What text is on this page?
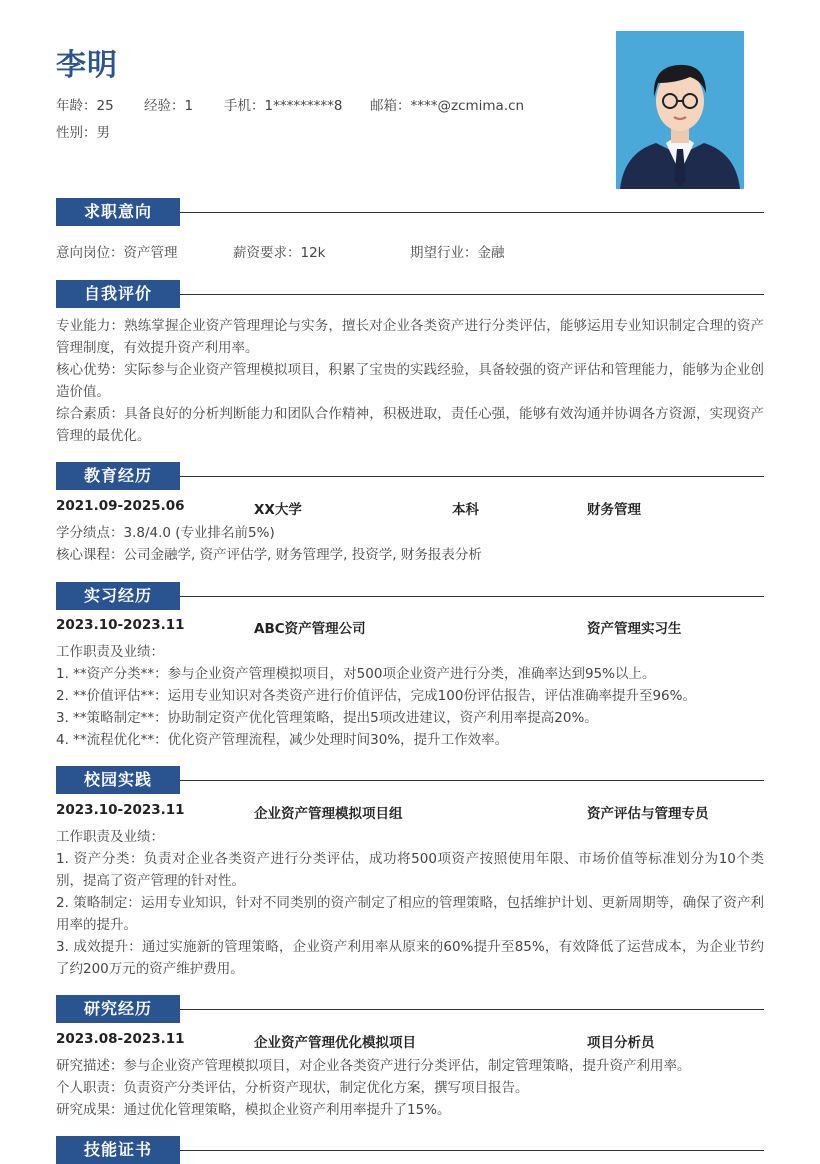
李明
年龄：25 经验：1 手机：1*********8 邮箱：****@zcmima.cn
性别：男
求职意向
意向岗位：资产管理	薪资要求：12k	期望行业：金融
自我评价

专业能力：熟练掌握企业资产管理理论与实务，擅长对企业各类资产进行分类评估，能够运用专业知识制定合理的资产管理制度，有效提升资产利用率。

核心优势：实际参与企业资产管理模拟项目，积累了宝贵的实践经验，具备较强的资产评估和管理能力，能够为企业创造价值。

综合素质：具备良好的分析判断能力和团队合作精神，积极进取，责任心强，能够有效沟通并协调各方资源，实现资产管理的最优化。

教育经历
2021.09-2025.06	XX大学	本科	财务管理

学分绩点：3.8/4.0 (专业排名前5%)

核心课程：公司金融学, 资产评估学, 财务管理学, 投资学, 财务报表分析

实习经历
2023.10-2023.11	ABC资产管理公司	资产管理实习生

工作职责及业绩：

1. **资产分类**：参与企业资产管理模拟项目，对500项企业资产进行分类，准确率达到95%以上。

2. **价值评估**：运用专业知识对各类资产进行价值评估，完成100份评估报告，评估准确率提升至96%。

3. **策略制定**：协助制定资产优化管理策略，提出5项改进建议，资产利用率提高20%。

4. **流程优化**：优化资产管理流程，减少处理时间30%，提升工作效率。

校园实践
2023.10-2023.11	企业资产管理模拟项目组	资产评估与管理专员

工作职责及业绩：

1. 资产分类：负责对企业各类资产进行分类评估，成功将500项资产按照使用年限、市场价值等标准划分为10个类别，提高了资产管理的针对性。

2. 策略制定：运用专业知识，针对不同类别的资产制定了相应的管理策略，包括维护计划、更新周期等，确保了资产利用率的提升。

3. 成效提升：通过实施新的管理策略，企业资产利用率从原来的60%提升至85%，有效降低了运营成本，为企业节约了约200万元的资产维护费用。

研究经历
2023.08-2023.11	企业资产管理优化模拟项目	项目分析员

研究描述：参与企业资产管理模拟项目，对企业各类资产进行分类评估，制定管理策略，提升资产利用率。

个人职责：负责资产分类评估，分析资产现状，制定优化方案，撰写项目报告。

研究成果：通过优化管理策略，模拟企业资产利用率提升了15%。

技能证书
